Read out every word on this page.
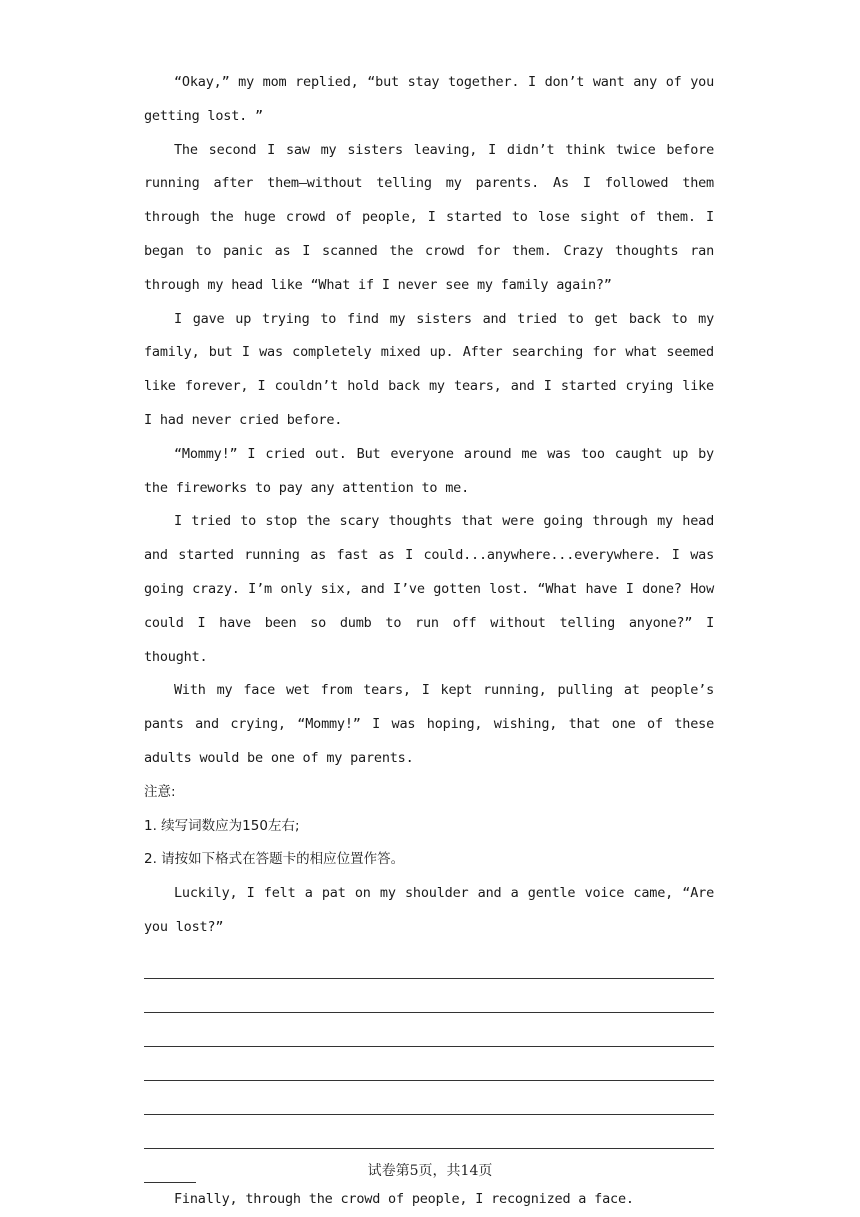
“Okay,” my mom replied, “but stay together. I don’t want any of you getting lost. ”

The second I saw my sisters leaving, I didn’t think twice before running after them—without telling my parents. As I followed them through the huge crowd of people, I started to lose sight of them. I began to panic as I scanned the crowd for them. Crazy thoughts ran through my head like “What if I never see my family again?”

I gave up trying to find my sisters and tried to get back to my family, but I was completely mixed up. After searching for what seemed like forever, I couldn’t hold back my tears, and I started crying like I had never cried before.

“Mommy!” I cried out. But everyone around me was too caught up by the fireworks to pay any attention to me.

I tried to stop the scary thoughts that were going through my head and started running as fast as I could...anywhere...everywhere. I was going crazy. I’m only six, and I’ve gotten lost. “What have I done? How could I have been so dumb to run off without telling anyone?” I thought.

With my face wet from tears, I kept running, pulling at people’s pants and crying, “Mommy!” I was hoping, wishing, that one of these adults would be one of my parents.

注意:

1. 续写词数应为150左右;

2. 请按如下格式在答题卡的相应位置作答。

Luckily, I felt a pat on my shoulder and a gentle voice came, “Are you lost?”

Finally, through the crowd of people, I recognized a face.

试卷第5页，共14页
